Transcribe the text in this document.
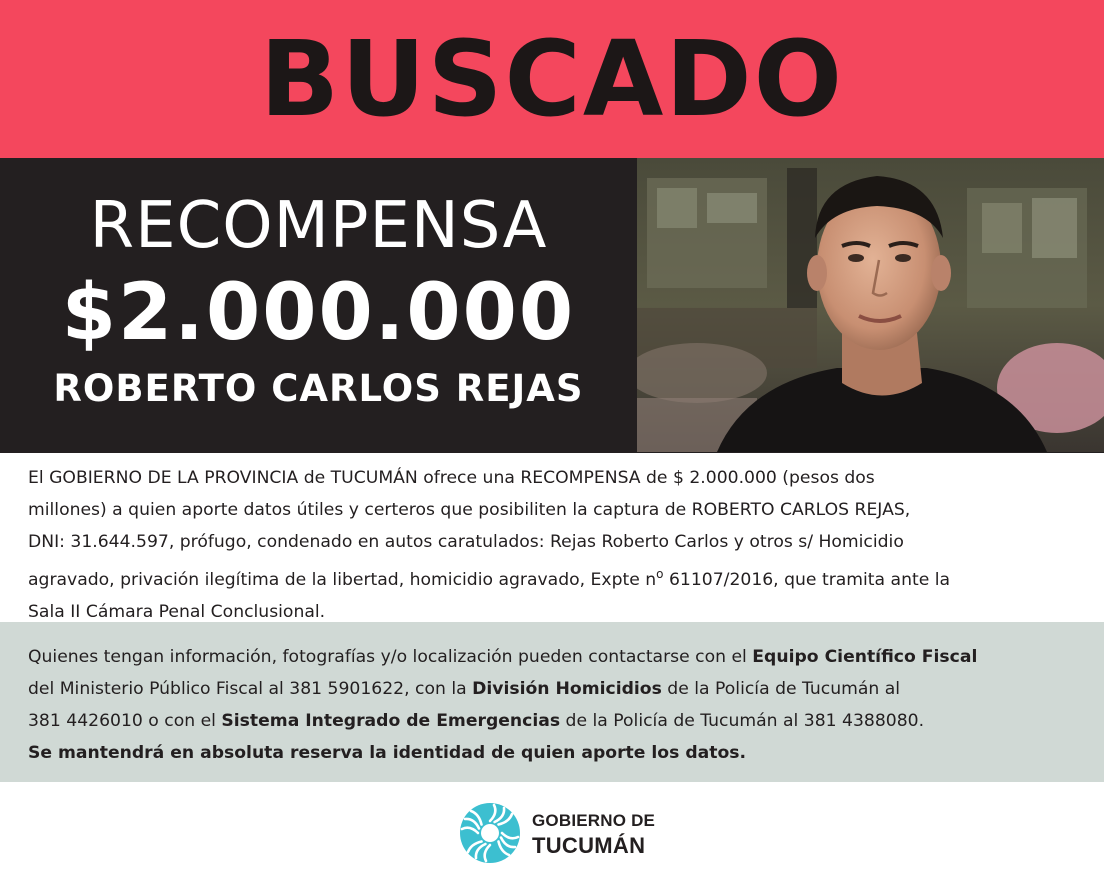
BUSCADO
RECOMPENSA
$2.000.000
ROBERTO CARLOS REJAS
El GOBIERNO DE LA PROVINCIA de TUCUMÁN ofrece una RECOMPENSA de $ 2.000.000 (pesos dos
millones) a quien aporte datos útiles y certeros que posibiliten la captura de ROBERTO CARLOS REJAS,
DNI: 31.644.597, prófugo, condenado en autos caratulados: Rejas Roberto Carlos y otros s/ Homicidio
agravado, privación ilegítima de la libertad, homicidio agravado, Expte $n^o$ 61107/2016, que tramita ante la
Sala II Cámara Penal Conclusional.
Quienes tengan información, fotografías y/o localización pueden contactarse con el Equipo Científico Fiscal
del Ministerio Público Fiscal al 381 5901622, con la División Homicidios de la Policía de Tucumán al
381 4426010 o con el Sistema Integrado de Emergencias de la Policía de Tucumán al 381 4388080.
Se mantendrá en absoluta reserva la identidad de quien aporte los datos.
GOBIERNO DE
TUCUMÁN
